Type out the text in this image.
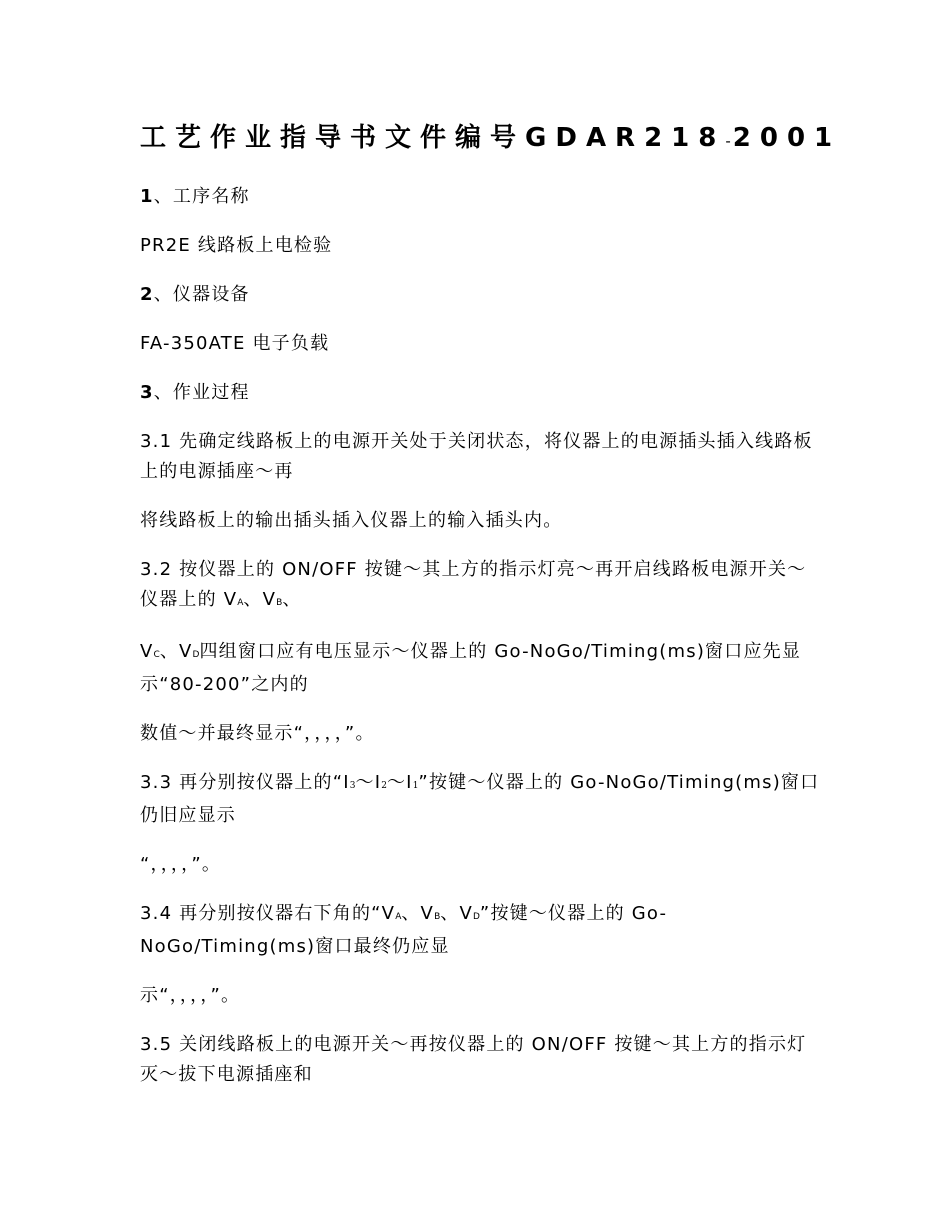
工艺作业指导书文件编号GDAR218-2001
1、工序名称
PR2E 线路板上电检验
2、仪器设备
FA-350ATE 电子负载
3、作业过程
3.1 先确定线路板上的电源开关处于关闭状态，将仪器上的电源插头插入线路板上的电源插座～再
将线路板上的输出插头插入仪器上的输入插头内。
3.2 按仪器上的 ON/OFF 按键～其上方的指示灯亮～再开启线路板电源开关～仪器上的 VA、VB、
VC、VD四组窗口应有电压显示～仪器上的 Go-NoGo/Timing(ms)窗口应先显示“80-200”之内的
数值～并最终显示“，，，，”。
3.3 再分别按仪器上的“I3～I2～I1”按键～仪器上的 Go-NoGo/Timing(ms)窗口仍旧应显示
“，，，，”。
3.4 再分别按仪器右下角的“VA、VB、VD”按键～仪器上的 Go-NoGo/Timing(ms)窗口最终仍应显
示“，，，，”。
3.5 关闭线路板上的电源开关～再按仪器上的 ON/OFF 按键～其上方的指示灯灭～拔下电源插座和
